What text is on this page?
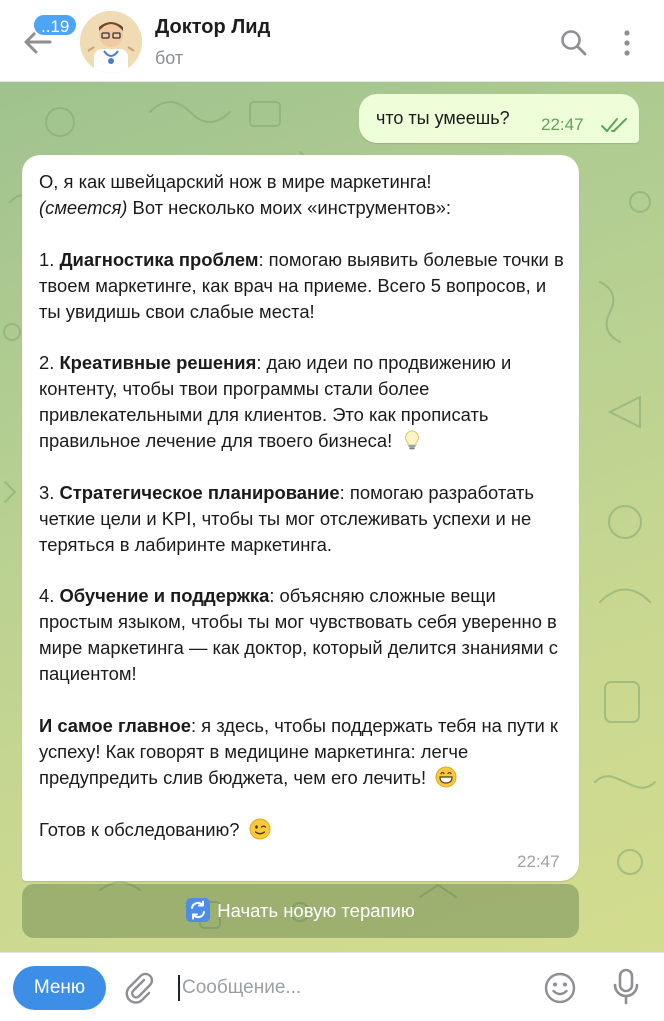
..19	Доктор Лид
бот
что ты умеешь? 22:47

О, я как швейцарский нож в мире маркетинга!
(смеется) Вот несколько моих «инструментов»:

1. Диагностика проблем: помогаю выявить болевые точки в твоем маркетинге, как врач на приеме. Всего 5 вопросов, и ты увидишь свои слабые места!

2. Креативные решения: даю идеи по продвижению и контенту, чтобы твои программы стали более привлекательными для клиентов. Это как прописать правильное лечение для твоего бизнеса!

3. Стратегическое планирование: помогаю разработать четкие цели и KPI, чтобы ты мог отслеживать успехи и не теряться в лабиринте маркетинга.

4. Обучение и поддержка: объясняю сложные вещи простым языком, чтобы ты мог чувствовать себя уверенно в мире маркетинга — как доктор, который делится знаниями с пациентом!

И самое главное: я здесь, чтобы поддержать тебя на пути к успеху! Как говорят в медицине маркетинга: легче предупредить слив бюджета, чем его лечить!

Готов к обследованию?

22:47
Начать новую терапию
Меню
Сообщение...
